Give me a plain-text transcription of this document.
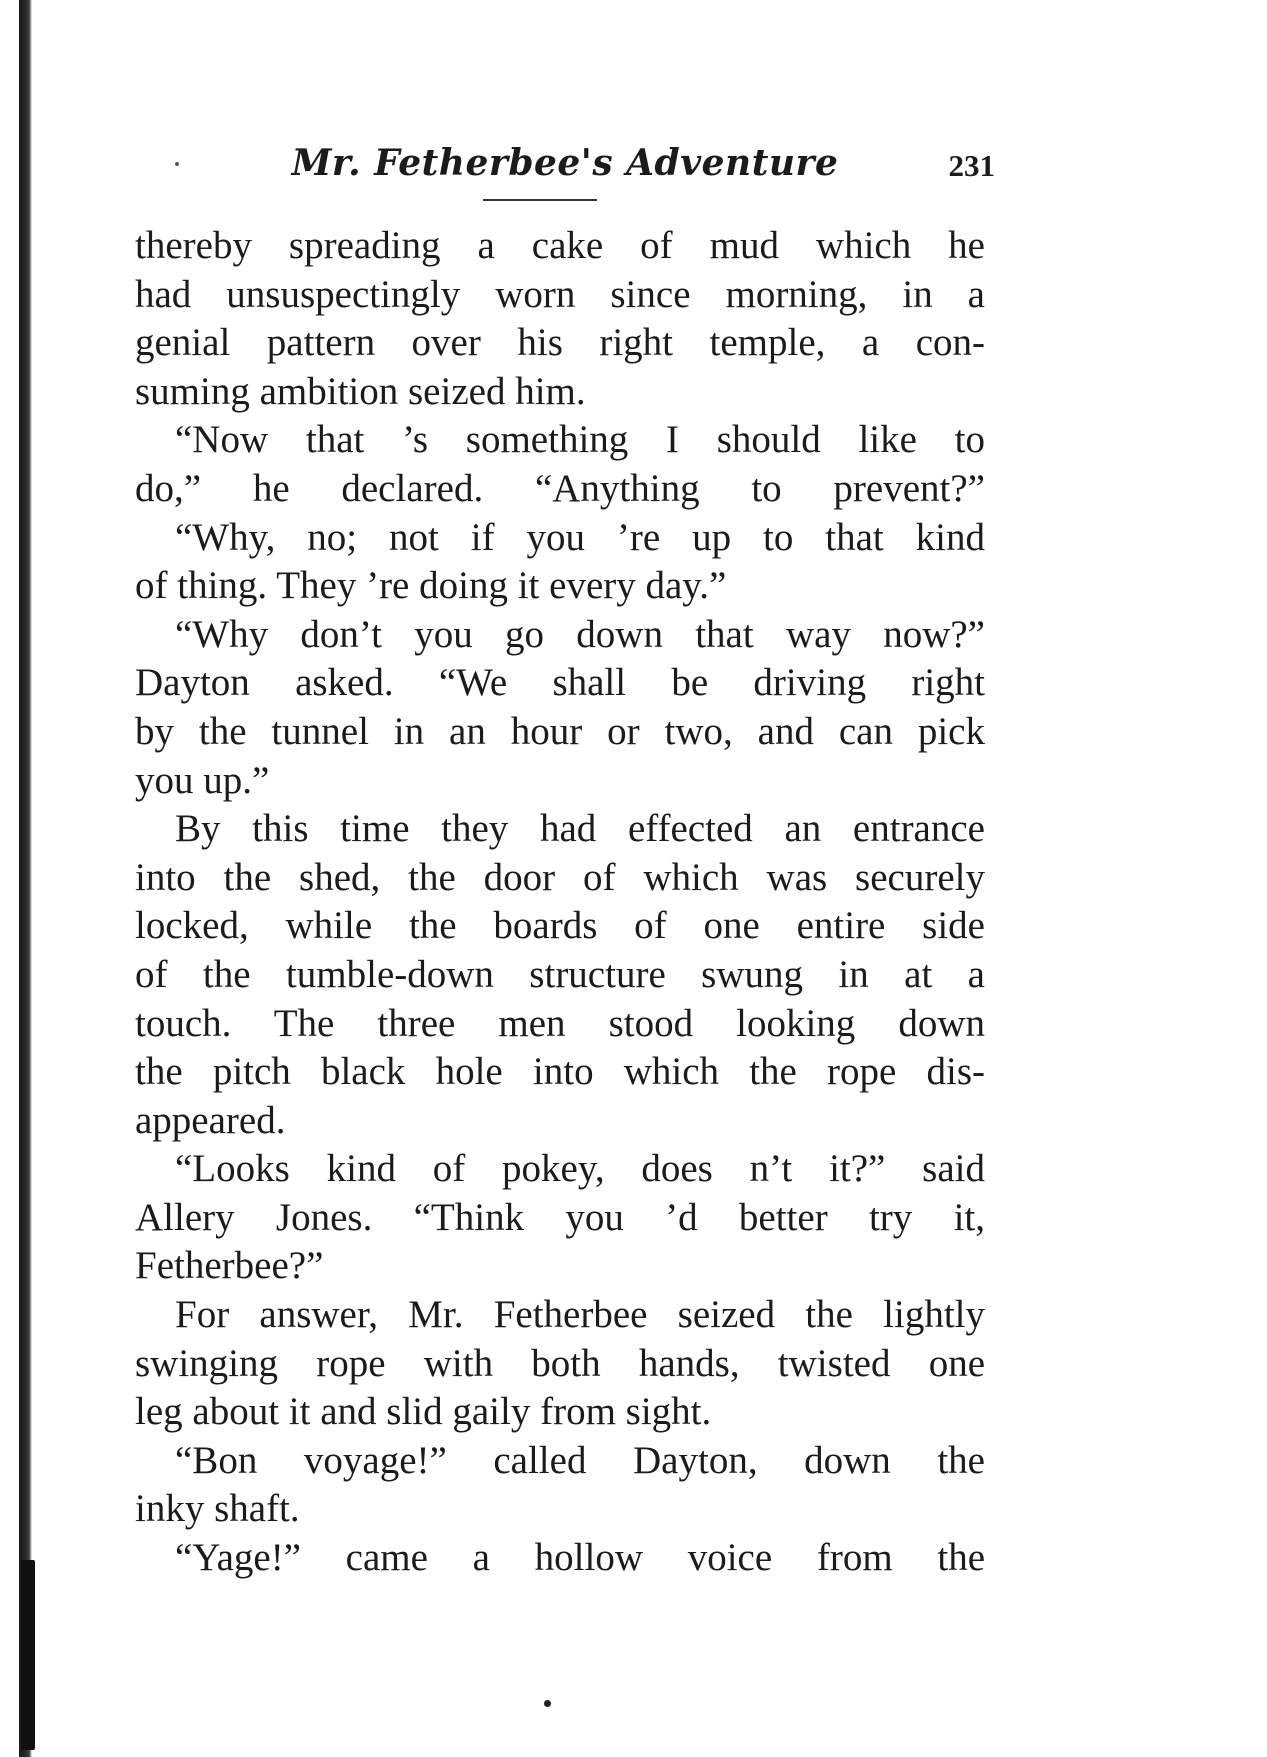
Mr. Fetherbee's Adventure	231
thereby spreading a cake of mud which he
had unsuspectingly worn since morning, in a
genial pattern over his right temple, a con-
suming ambition seized him.
“Now that ’s something I should like to
do,” he declared. “Anything to prevent?”
“Why, no; not if you ’re up to that kind
of thing. They ’re doing it every day.”
“Why don’t you go down that way now?”
Dayton asked. “We shall be driving right
by the tunnel in an hour or two, and can pick
you up.”
By this time they had effected an entrance
into the shed, the door of which was securely
locked, while the boards of one entire side
of the tumble-down structure swung in at a
touch. The three men stood looking down
the pitch black hole into which the rope dis-
appeared.
“Looks kind of pokey, does n’t it?” said
Allery Jones. “Think you ’d better try it,
Fetherbee?”
For answer, Mr. Fetherbee seized the lightly
swinging rope with both hands, twisted one
leg about it and slid gaily from sight.
“Bon voyage!” called Dayton, down the
inky shaft.
“Yage!” came a hollow voice from the
